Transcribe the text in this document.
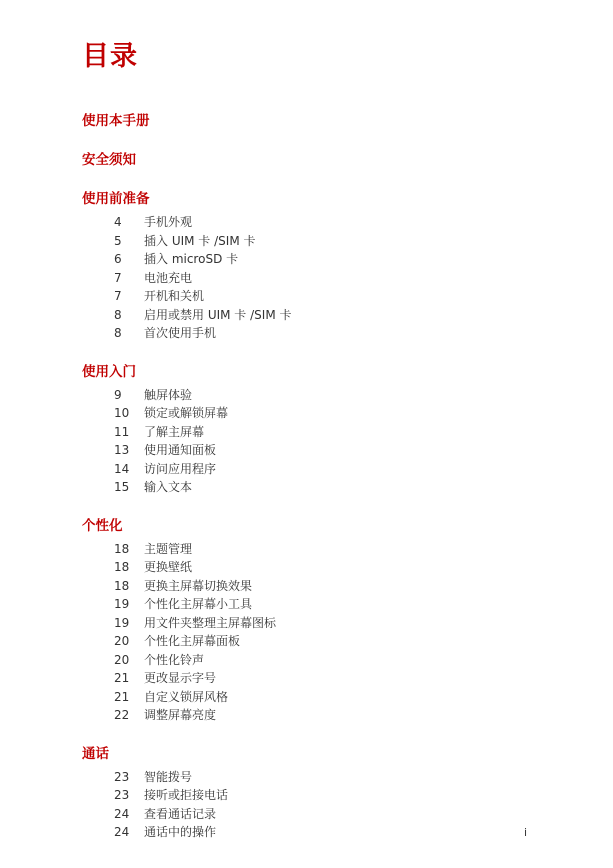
目录
使用本手册
安全须知
使用前准备
4	手机外观
5	插入 UIM 卡 /SIM 卡
6	插入 microSD 卡
7	电池充电
7	开机和关机
8	启用或禁用 UIM 卡 /SIM 卡
8	首次使用手机
使用入门
9	触屏体验
10	锁定或解锁屏幕
11	了解主屏幕
13	使用通知面板
14	访问应用程序
15	输入文本
个性化
18	主题管理
18	更换壁纸
18	更换主屏幕切换效果
19	个性化主屏幕小工具
19	用文件夹整理主屏幕图标
20	个性化主屏幕面板
20	个性化铃声
21	更改显示字号
21	自定义锁屏风格
22	调整屏幕亮度
通话
23	智能拨号
23	接听或拒接电话
24	查看通话记录
24	通话中的操作	i
